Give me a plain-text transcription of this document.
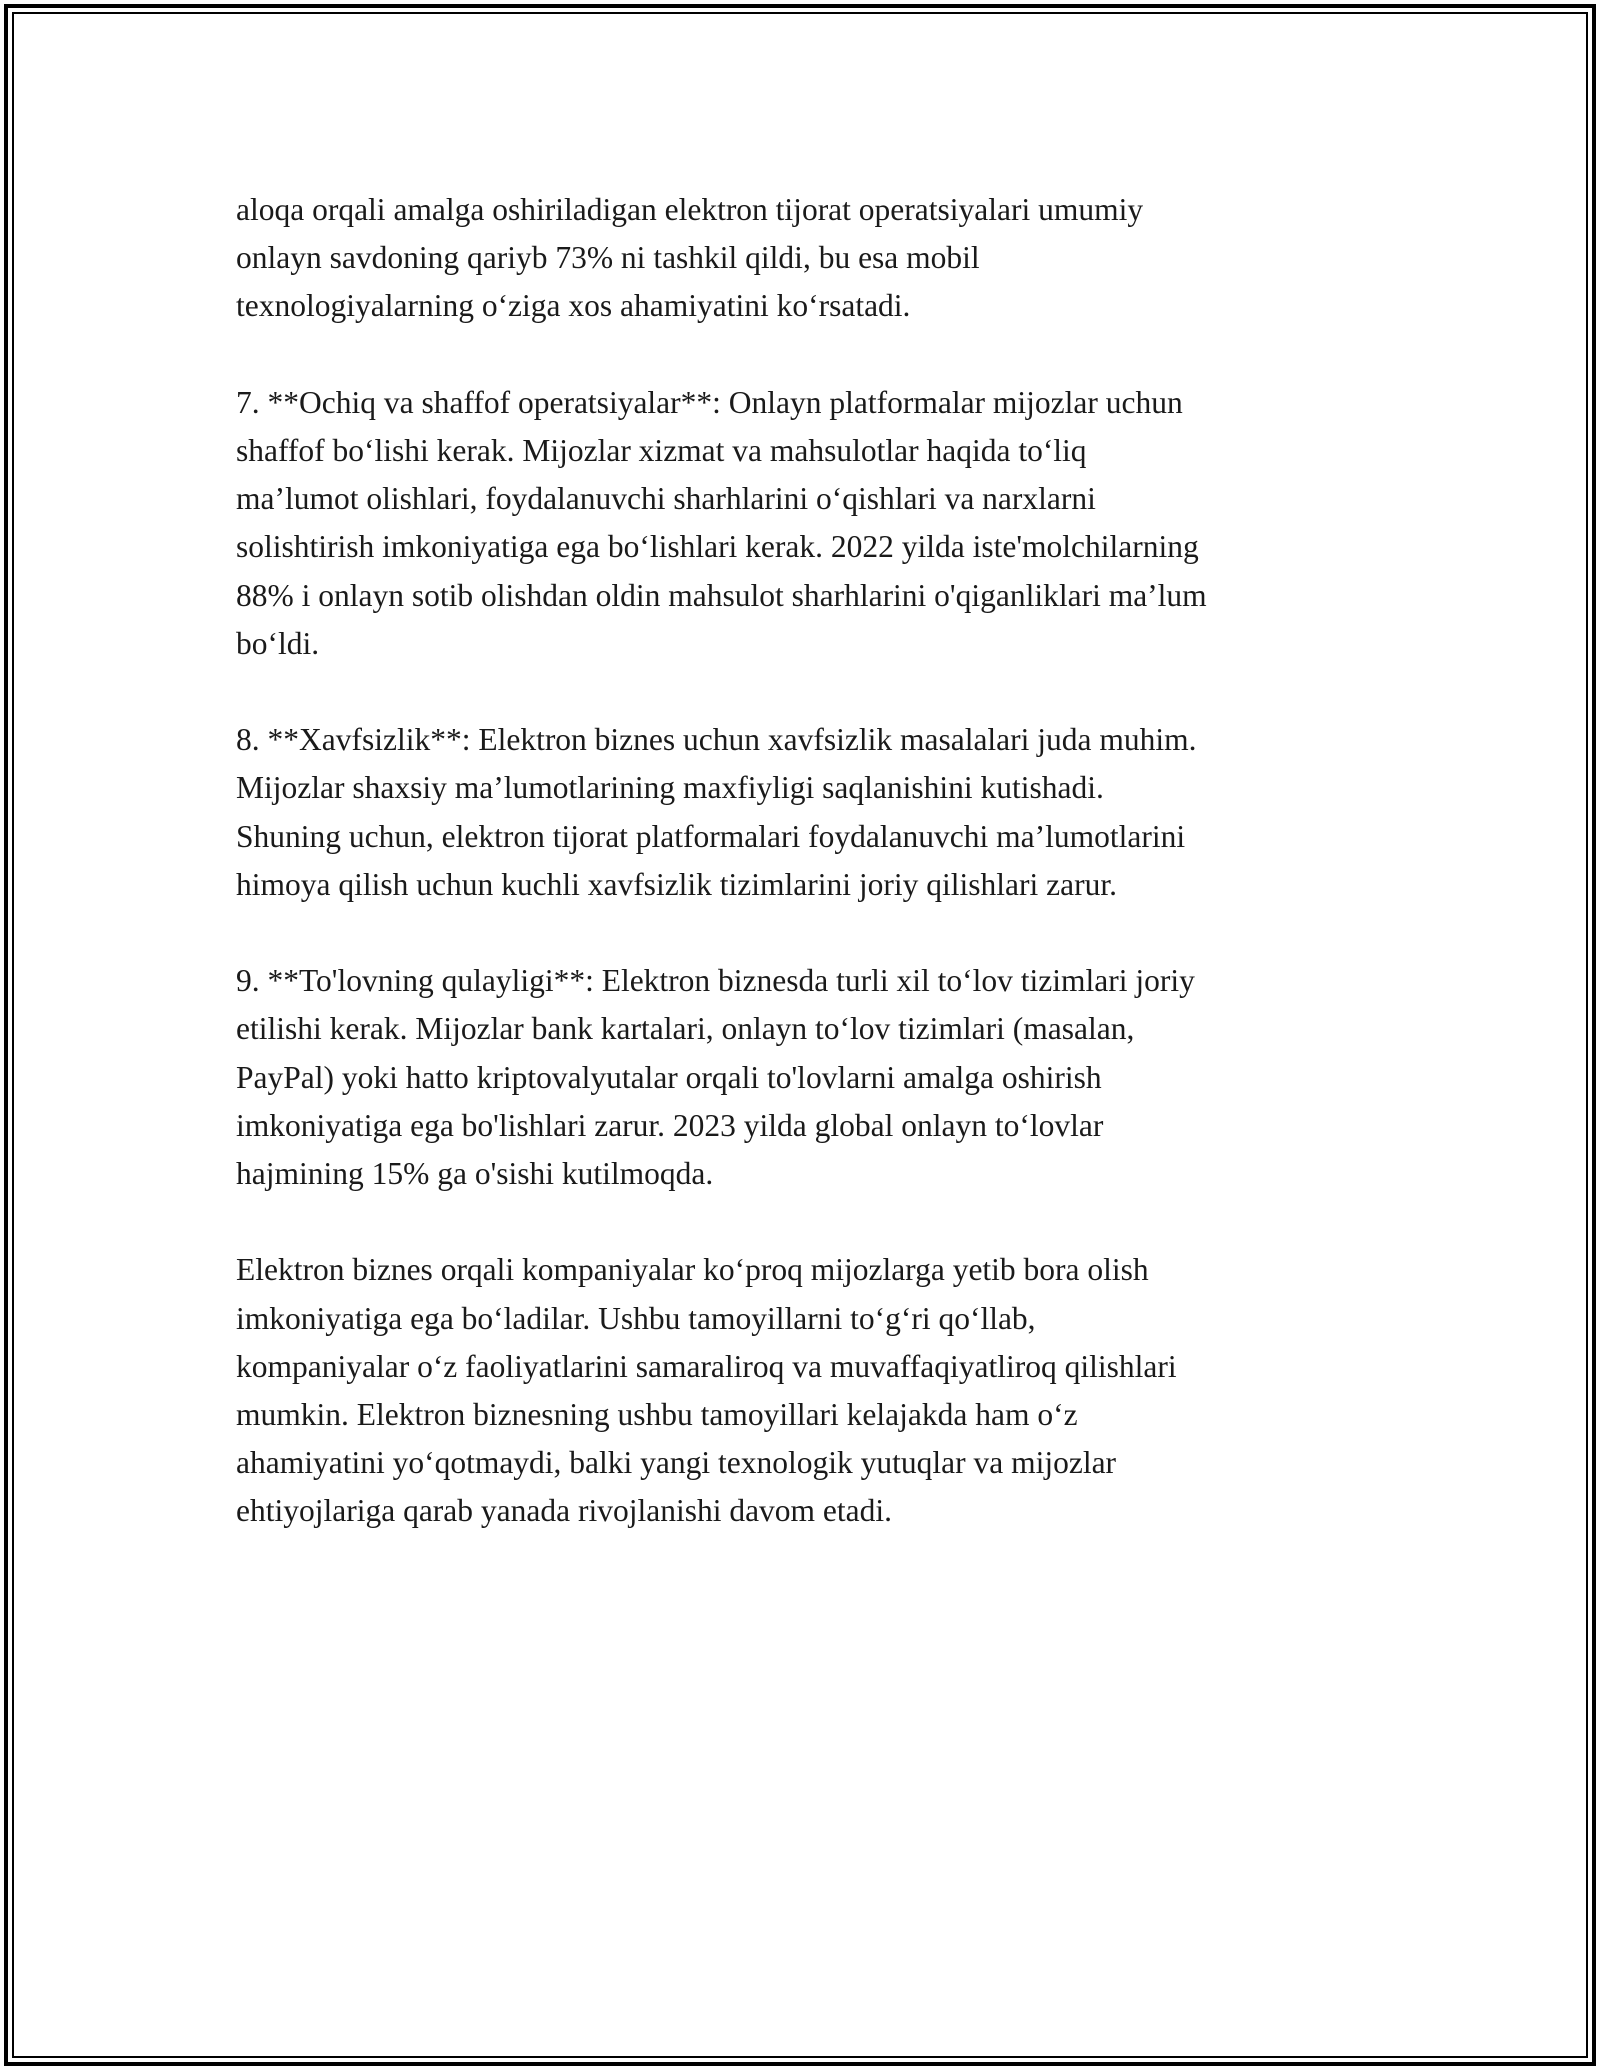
aloqa orqali amalga oshiriladigan elektron tijorat operatsiyalari umumiy
onlayn savdoning qariyb 73% ni tashkil qildi, bu esa mobil
texnologiyalarning o‘ziga xos ahamiyatini ko‘rsatadi.

7. **Ochiq va shaffof operatsiyalar**: Onlayn platformalar mijozlar uchun
shaffof bo‘lishi kerak. Mijozlar xizmat va mahsulotlar haqida to‘liq
ma’lumot olishlari, foydalanuvchi sharhlarini o‘qishlari va narxlarni
solishtirish imkoniyatiga ega bo‘lishlari kerak. 2022 yilda iste'molchilarning
88% i onlayn sotib olishdan oldin mahsulot sharhlarini o'qiganliklari ma’lum
bo‘ldi.

8. **Xavfsizlik**: Elektron biznes uchun xavfsizlik masalalari juda muhim.
Mijozlar shaxsiy ma’lumotlarining maxfiyligi saqlanishini kutishadi.
Shuning uchun, elektron tijorat platformalari foydalanuvchi ma’lumotlarini
himoya qilish uchun kuchli xavfsizlik tizimlarini joriy qilishlari zarur.

9. **To'lovning qulayligi**: Elektron biznesda turli xil to‘lov tizimlari joriy
etilishi kerak. Mijozlar bank kartalari, onlayn to‘lov tizimlari (masalan,
PayPal) yoki hatto kriptovalyutalar orqali to'lovlarni amalga oshirish
imkoniyatiga ega bo'lishlari zarur. 2023 yilda global onlayn to‘lovlar
hajmining 15% ga o'sishi kutilmoqda.

Elektron biznes orqali kompaniyalar ko‘proq mijozlarga yetib bora olish
imkoniyatiga ega bo‘ladilar. Ushbu tamoyillarni to‘g‘ri qo‘llab,
kompaniyalar o‘z faoliyatlarini samaraliroq va muvaffaqiyatliroq qilishlari
mumkin. Elektron biznesning ushbu tamoyillari kelajakda ham o‘z
ahamiyatini yo‘qotmaydi, balki yangi texnologik yutuqlar va mijozlar
ehtiyojlariga qarab yanada rivojlanishi davom etadi.
